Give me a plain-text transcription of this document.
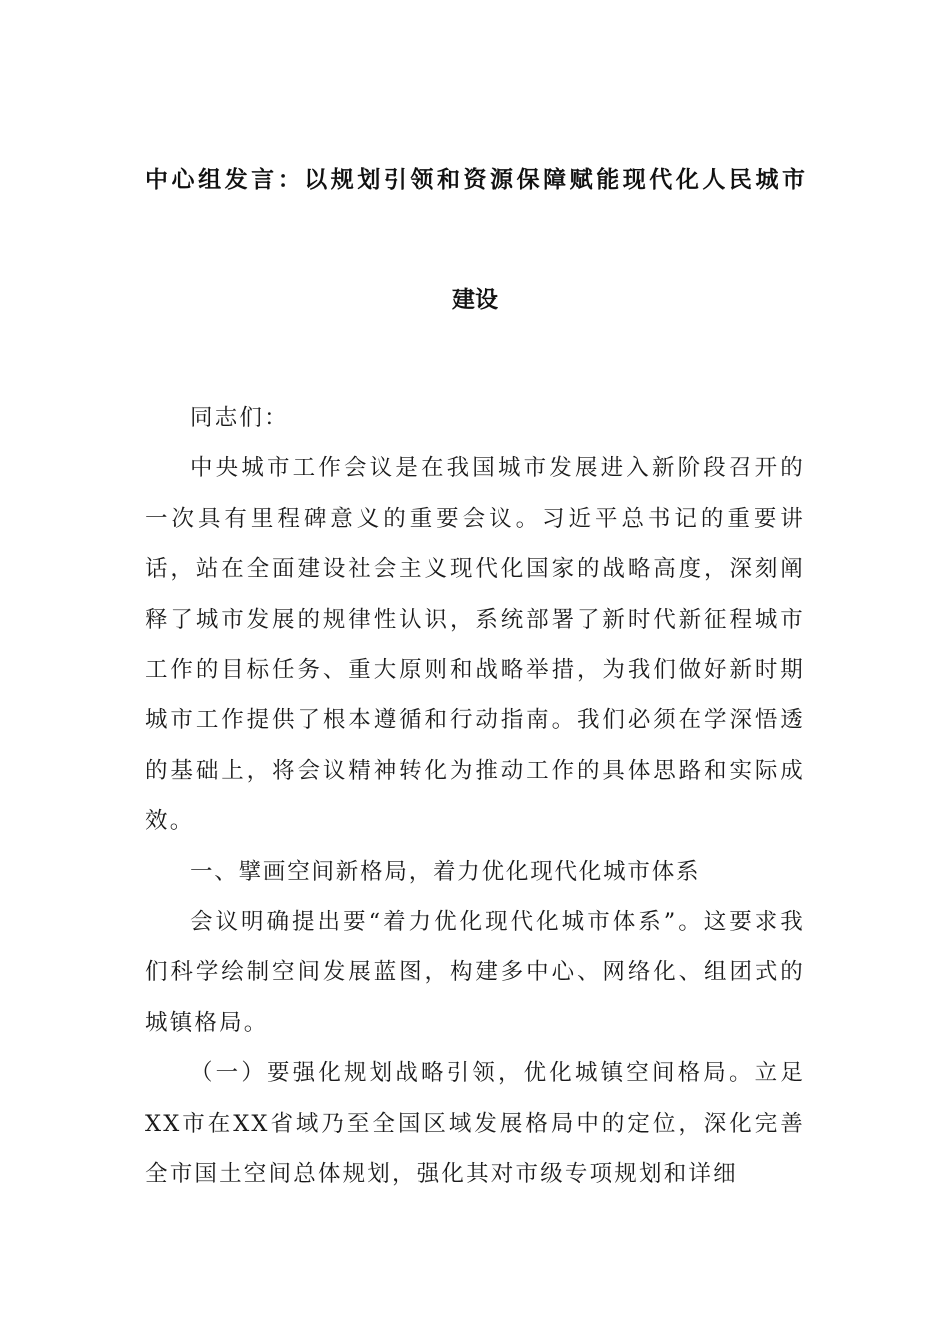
中心组发言：以规划引领和资源保障赋能现代化人民城市
建设

同志们：

中央城市工作会议是在我国城市发展进入新阶段召开的一次具有里程碑意义的重要会议。习近平总书记的重要讲话，站在全面建设社会主义现代化国家的战略高度，深刻阐释了城市发展的规律性认识，系统部署了新时代新征程城市工作的目标任务、重大原则和战略举措，为我们做好新时期城市工作提供了根本遵循和行动指南。我们必须在学深悟透的基础上，将会议精神转化为推动工作的具体思路和实际成效。

一、擘画空间新格局，着力优化现代化城市体系

会议明确提出要“着力优化现代化城市体系”。这要求我们科学绘制空间发展蓝图，构建多中心、网络化、组团式的城镇格局。

（一）要强化规划战略引领，优化城镇空间格局。立足XX市在XX省域乃至全国区域发展格局中的定位，深化完善全市国土空间总体规划，强化其对市级专项规划和详细
